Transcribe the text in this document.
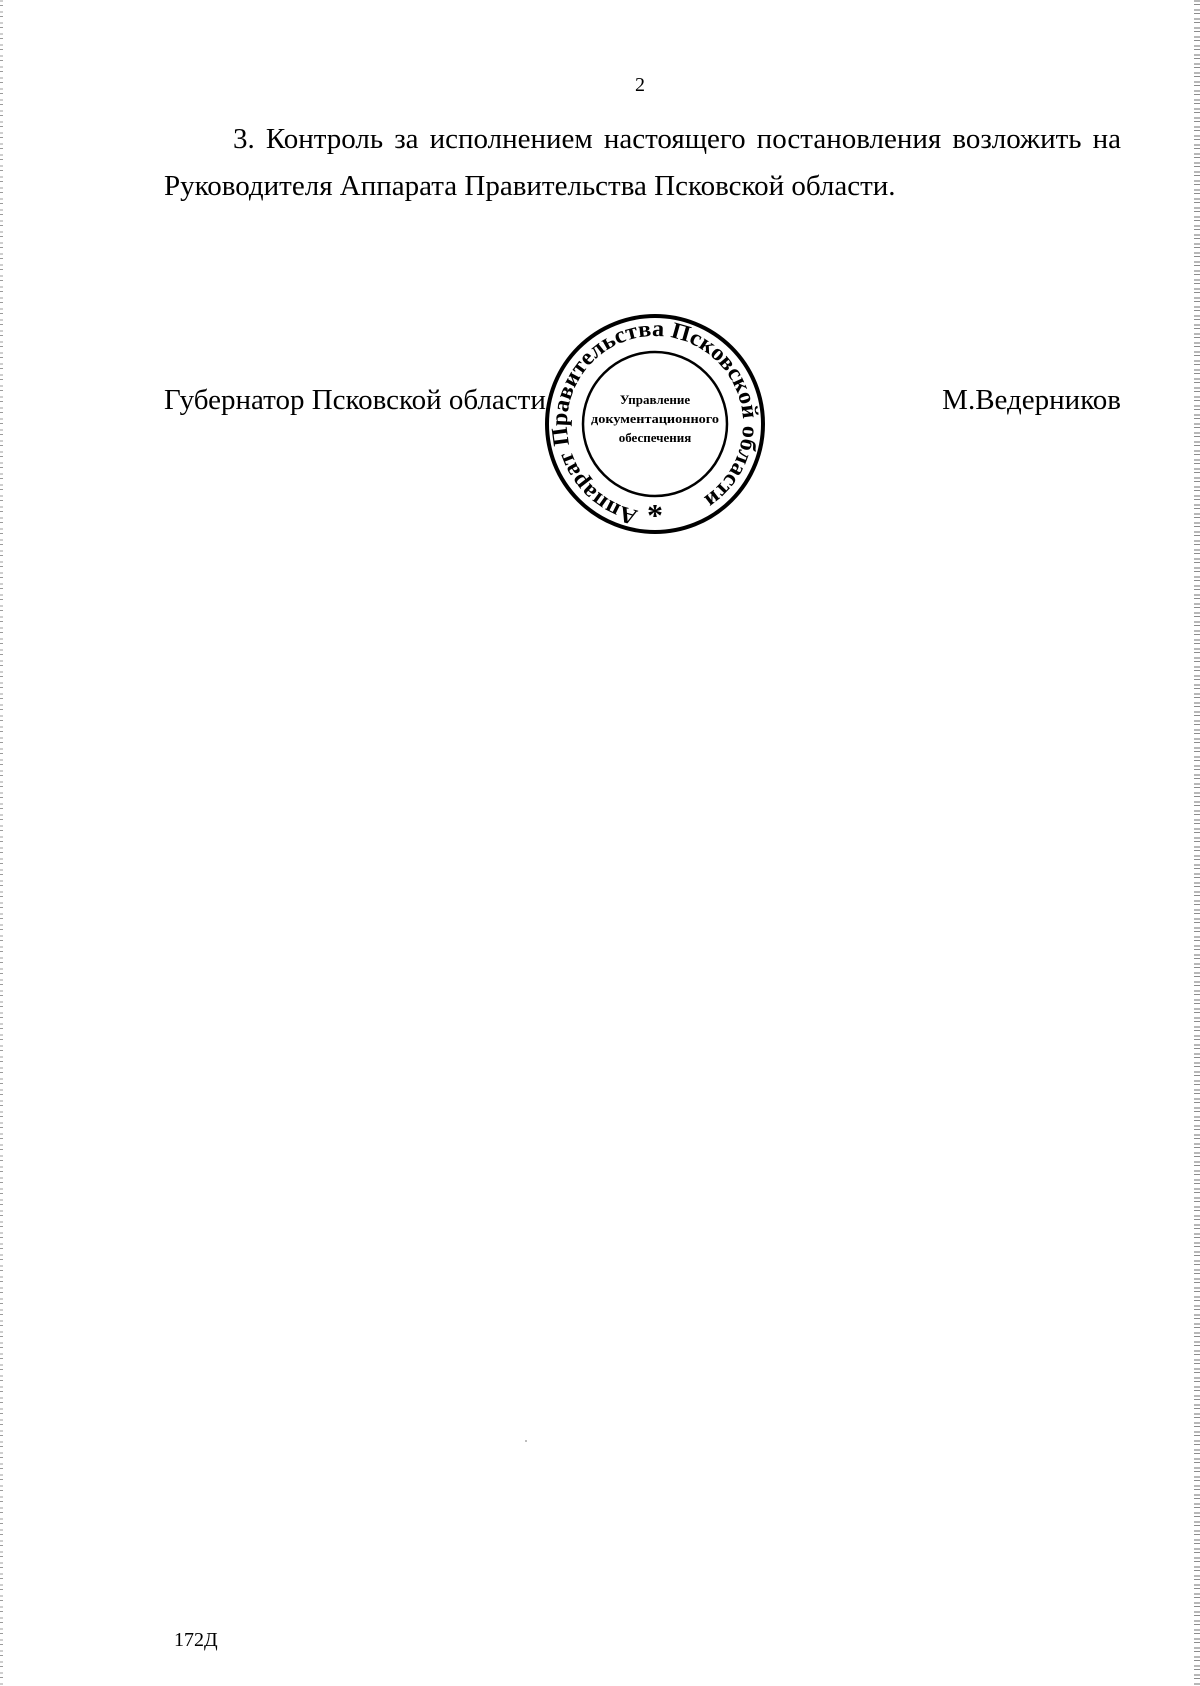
2

3. Контроль за исполнением настоящего постановления возложить на Руководителя Аппарата Правительства Псковской области.

Губернатор Псковской области	М.Ведерников
Аппарат Правительства Псковской области
Управление
документационного
обеспечения
*
172Д
